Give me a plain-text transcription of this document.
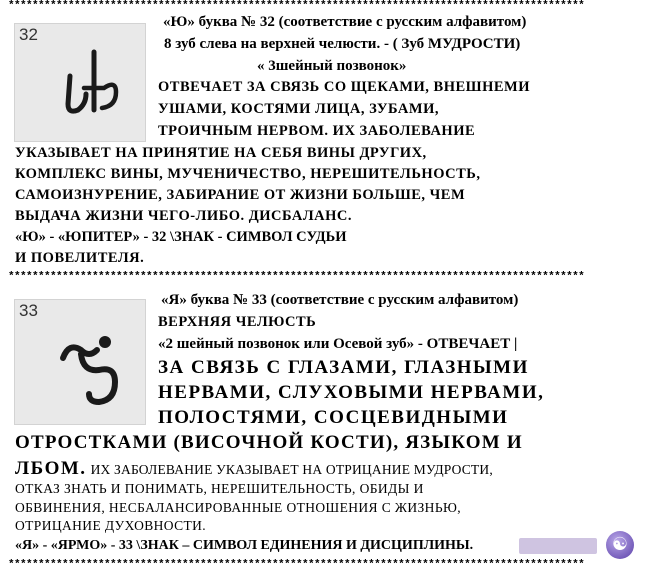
************************************************************************************************
************************************************************************************************
************************************************************************************************
32
«Ю» буква № 32 (соответствие с русским алфавитом)
8 зуб слева на верхней челюсти. - ( Зуб МУДРОСТИ)
« 3шейный позвонок»
ОТВЕЧАЕТ ЗА СВЯЗЬ СО ЩЕКАМИ, ВНЕШНЕМИ
УШАМИ, КОСТЯМИ ЛИЦА, ЗУБАМИ,
ТРОИЧНЫМ НЕРВОМ. ИХ ЗАБОЛЕВАНИЕ
УКАЗЫВАЕТ НА ПРИНЯТИЕ НА СЕБЯ ВИНЫ ДРУГИХ,
КОМПЛЕКС ВИНЫ, МУЧЕНИЧЕСТВО, НЕРЕШИТЕЛЬНОСТЬ,
САМОИЗНУРЕНИЕ, ЗАБИРАНИЕ ОТ ЖИЗНИ БОЛЬШЕ, ЧЕМ
ВЫДАЧА ЖИЗНИ ЧЕГО-ЛИБО. ДИСБАЛАНС.
«Ю» - «ЮПИТЕР» - 32 \ЗНАК - СИМВОЛ СУДЬИ
И ПОВЕЛИТЕЛЯ.
33
«Я» буква № 33 (соответствие с русским алфавитом)
ВЕРХНЯЯ ЧЕЛЮСТЬ
«2 шейный позвонок или Осевой зуб» - ОТВЕЧАЕТ |
ЗА СВЯЗЬ С ГЛАЗАМИ, ГЛАЗНЫМИ
НЕРВАМИ, СЛУХОВЫМИ НЕРВАМИ,
ПОЛОСТЯМИ, СОСЦЕВИДНЫМИ
ОТРОСТКАМИ (ВИСОЧНОЙ КОСТИ), ЯЗЫКОМ И
ЛБОМ. ИХ ЗАБОЛЕВАНИЕ УКАЗЫВАЕТ НА ОТРИЦАНИЕ МУДРОСТИ,
ОТКАЗ ЗНАТЬ И ПОНИМАТЬ, НЕРЕШИТЕЛЬНОСТЬ, ОБИДЫ И
ОБВИНЕНИЯ, НЕСБАЛАНСИРОВАННЫЕ ОТНОШЕНИЯ С ЖИЗНЬЮ,
ОТРИЦАНИЕ ДУХОВНОСТИ.
«Я» - «ЯРМО» - 33 \ЗНАК – СИМВОЛ ЕДИНЕНИЯ И ДИСЦИПЛИНЫ.	☯
